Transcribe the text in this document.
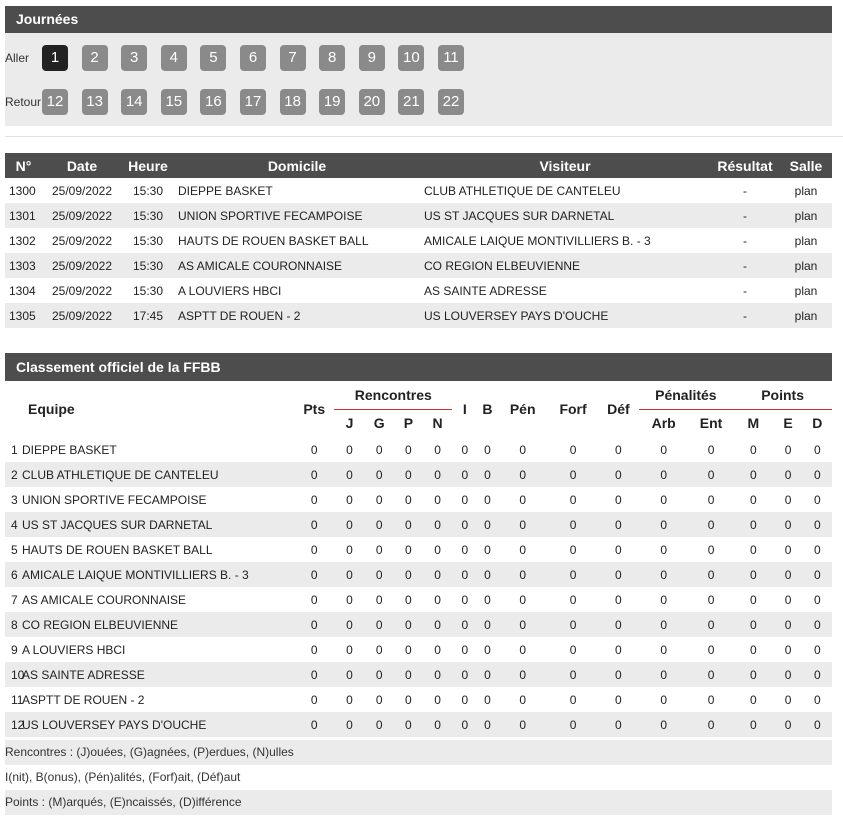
Journées
Aller	1	2	3	4	5	6	7	8	9	10	11
Retour 12	13	14	15	16	17	18	19	20	21	22
N°	Date	Heure	Domicile	Visiteur	Résultat	Salle
1300	25/09/2022	15:30	DIEPPE BASKET	CLUB ATHLETIQUE DE CANTELEU	-	plan
1301	25/09/2022	15:30	UNION SPORTIVE FECAMPOISE	US ST JACQUES SUR DARNETAL	-	plan
1302	25/09/2022	15:30	HAUTS DE ROUEN BASKET BALL	AMICALE LAIQUE MONTIVILLIERS B. - 3	-	plan
1303	25/09/2022	15:30	AS AMICALE COURONNAISE	CO REGION ELBEUVIENNE	-	plan
1304	25/09/2022	15:30	A LOUVIERS HBCI	AS SAINTE ADRESSE	-	plan
1305	25/09/2022	17:45	ASPTT DE ROUEN - 2	US LOUVERSEY PAYS D'OUCHE	-	plan
Classement officiel de la FFBB
Equipe	Pts	Rencontres				I	B	Pén	Forf	Déf	Pénalités		Points		
		J	G	P	N						Arb	Ent	M	E	D
1 DIEPPE BASKET	0	0	0	0	0	0	0	0	0	0	0	0	0	0	0
2 CLUB ATHLETIQUE DE CANTELEU	0	0	0	0	0	0	0	0	0	0	0	0	0	0	0
3 UNION SPORTIVE FECAMPOISE	0	0	0	0	0	0	0	0	0	0	0	0	0	0	0
4 US ST JACQUES SUR DARNETAL	0	0	0	0	0	0	0	0	0	0	0	0	0	0	0
5 HAUTS DE ROUEN BASKET BALL	0	0	0	0	0	0	0	0	0	0	0	0	0	0	0
6 AMICALE LAIQUE MONTIVILLIERS B. - 3	0	0	0	0	0	0	0	0	0	0	0	0	0	0	0
7 AS AMICALE COURONNAISE	0	0	0	0	0	0	0	0	0	0	0	0	0	0	0
8 CO REGION ELBEUVIENNE	0	0	0	0	0	0	0	0	0	0	0	0	0	0	0
9 A LOUVIERS HBCI	0	0	0	0	0	0	0	0	0	0	0	0	0	0	0
10AS SAINTE ADRESSE	0	0	0	0	0	0	0	0	0	0	0	0	0	0	0
11ASPTT DE ROUEN - 2	0	0	0	0	0	0	0	0	0	0	0	0	0	0	0
12US LOUVERSEY PAYS D'OUCHE	0	0	0	0	0	0	0	0	0	0	0	0	0	0	0
Rencontres : (J)ouées, (G)agnées, (P)erdues, (N)ulles
I(nit), B(onus), (Pén)alités, (Forf)ait, (Déf)aut
Points : (M)arqués, (E)ncaissés, (D)ifférence
